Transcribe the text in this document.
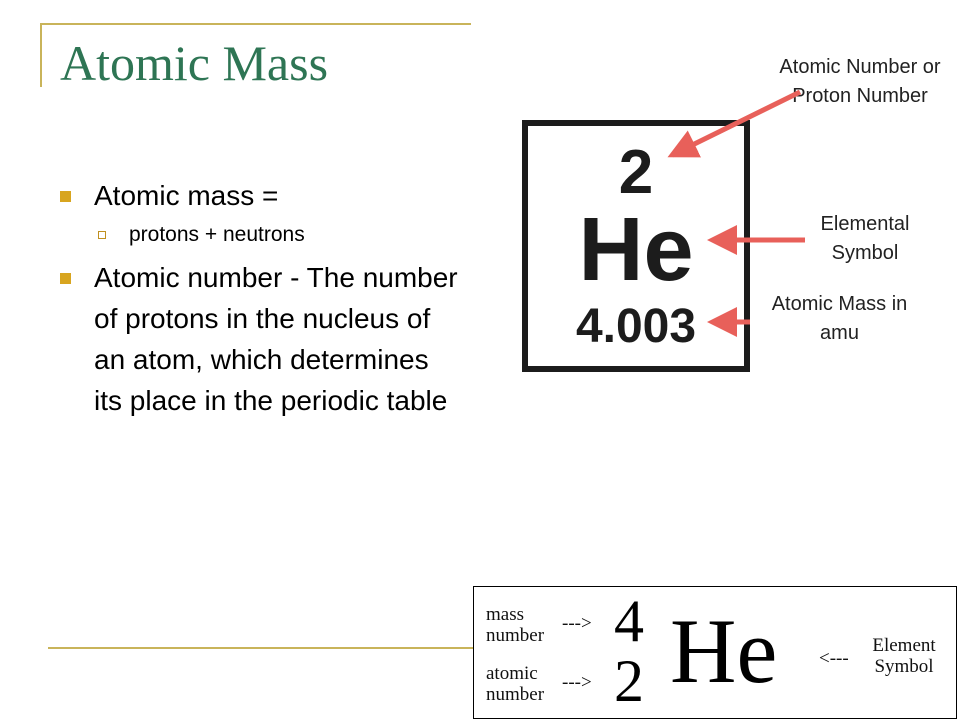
Atomic Mass
Atomic mass =
protons + neutrons
Atomic number - The number of protons in the nucleus of an atom, which determines its place in the periodic table
2
He
4.003
Atomic Number or Proton Number
Elemental Symbol
Atomic Mass in amu
mass number
--->
atomic number
--->
4
2 He <---
Element Symbol
